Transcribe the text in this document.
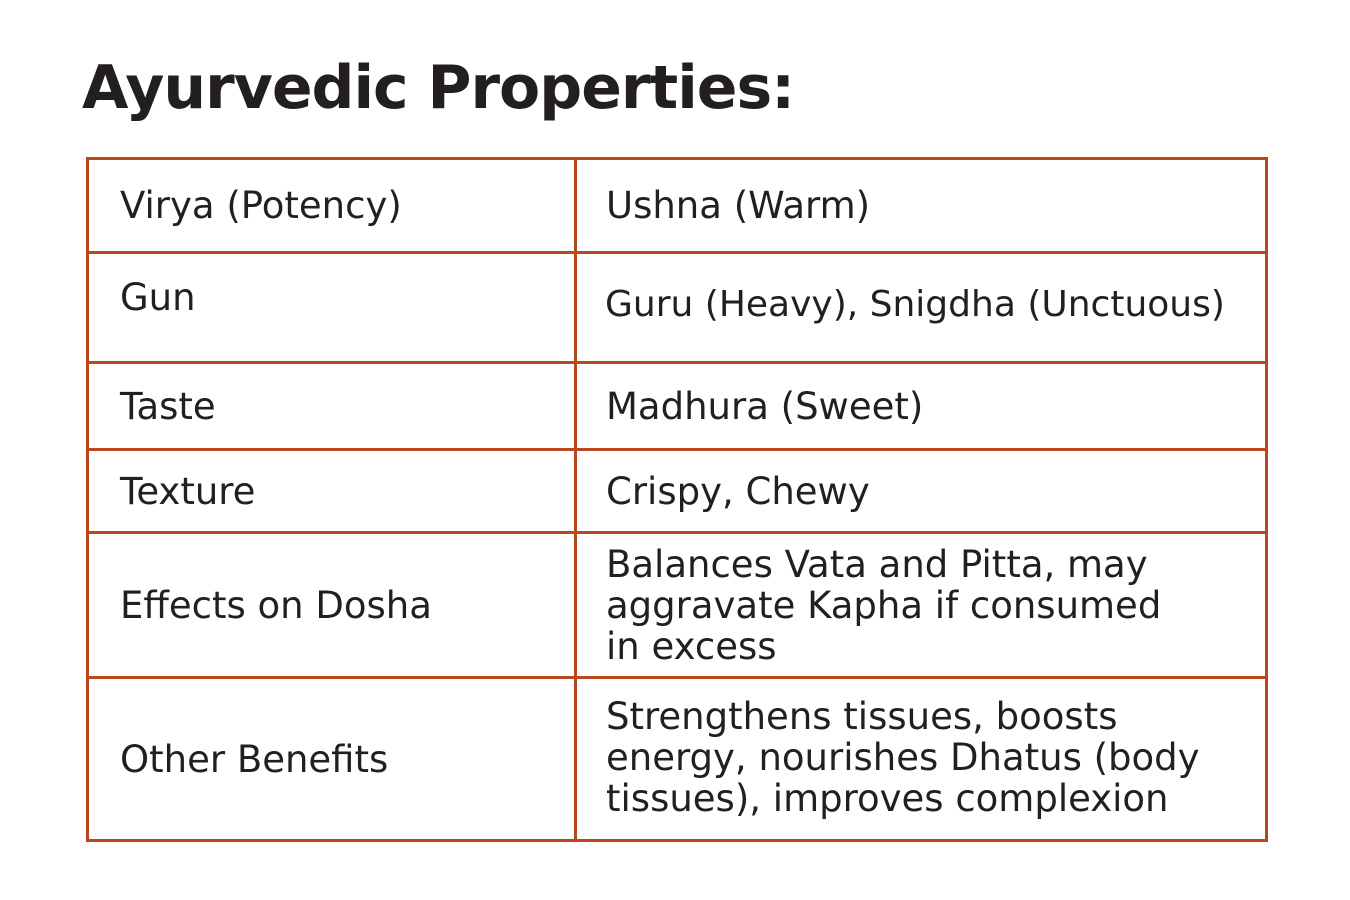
Ayurvedic Properties:
Virya (Potency)	Ushna (Warm)
Gun	Guru (Heavy), Snigdha (Unctuous)
Taste	Madhura (Sweet)
Texture	Crispy, Chewy
Effects on Dosha	Balances Vata and Pitta, may aggravate Kapha if consumed in excess
Other Benefits	Strengthens tissues, boosts energy, nourishes Dhatus (body tissues), improves complexion
